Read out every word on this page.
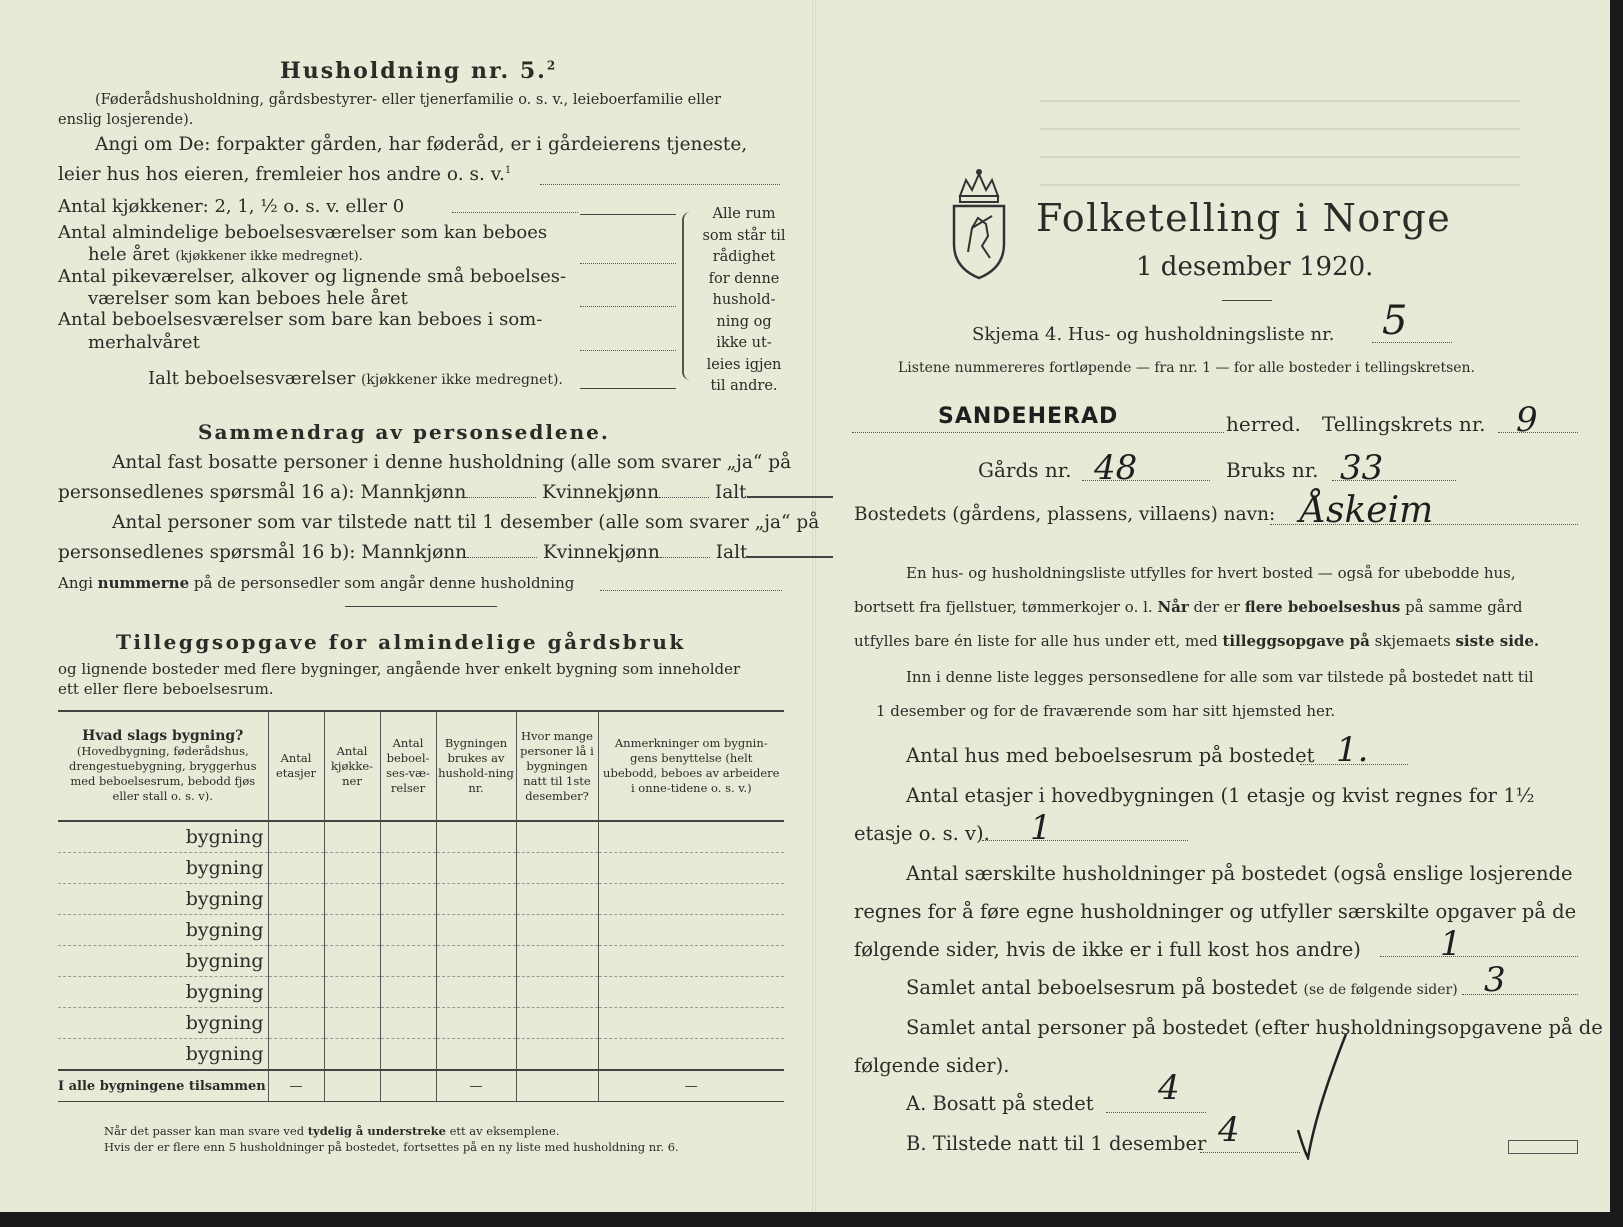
Husholdning nr. 5.$^2$
(Føderådshusholdning, gårdsbestyrer- eller tjenerfamilie o. s. v., leieboerfamilie eller
enslig losjerende).
Angi om De: forpakter gården, har føderåd, er i gårdeierens tjeneste,
leier hus hos eieren, fremleier hos andre o. s. v.$^1$
Antal kjøkkener: 2, 1, ½ o. s. v. eller 0
Antal almindelige beboelsesværelser som kan beboes
hele året (kjøkkener ikke medregnet).
Antal pikeværelser, alkover og lignende små beboelses-
værelser som kan beboes hele året
Antal beboelsesværelser som bare kan beboes i som-
merhalvåret
Ialt beboelsesværelser (kjøkkener ikke medregnet).
Alle rum
som står til
rådighet
for denne
hushold-
ning og
ikke ut-
leies igjen
til andre.
Sammendrag av personsedlene.
Antal fast bosatte personer i denne husholdning (alle som svarer „ja“ på
personsedlenes spørsmål 16 a): Mannkjønn	Kvinnekjønn	Ialt
Antal personer som var tilstede natt til 1 desember (alle som svarer „ja“ på
personsedlenes spørsmål 16 b): Mannkjønn	Kvinnekjønn	Ialt
Angi nummerne på de personsedler som angår denne husholdning
Tilleggsopgave for almindelige gårdsbruk
og lignende bosteder med flere bygninger, angående hver enkelt bygning som inneholder
ett eller flere beboelsesrum.
Hvad slags bygning?
(Hovedbygning, føderådshus, drengestuebygning, bryggerhus med beboelsesrum, bebodd fjøs eller stall o. s. v).	Antal etasjer	Antal kjøkke-ner	Antal beboel-ses-væ-relser	Bygningen brukes av hushold-ning nr.	Hvor mange personer lå i bygningen natt til 1ste desember?	Anmerkninger om bygnin-gens benyttelse (helt ubebodd, beboes av arbeidere i onne-tidene o. s. v.)
bygning						
bygning						
bygning						
bygning						
bygning						
bygning						
bygning						
bygning						
I alle bygningene tilsammen	—			—		—
Når det passer kan man svare ved tydelig å understreke ett av eksemplene.
Hvis der er flere enn 5 husholdninger på bostedet, fortsettes på en ny liste med husholdning nr. 6.
Folketelling i Norge
1 desember 1920.
Skjema 4. Hus- og husholdningsliste nr. 5
Listene nummereres fortløpende — fra nr. 1 — for alle bosteder i tellingskretsen.
SANDEHERAD	herred. Tellingskrets nr. 9
Gårds nr. 48	Bruks nr. 33
Bostedets (gårdens, plassens, villaens) navn: Åskeim
En hus- og husholdningsliste utfylles for hvert bosted — også for ubebodde hus,
bortsett fra fjellstuer, tømmerkojer o. l. Når der er flere beboelseshus på samme gård
utfylles bare én liste for alle hus under ett, med tilleggsopgave på skjemaets siste side.
Inn i denne liste legges personsedlene for alle som var tilstede på bostedet natt til
1 desember og for de fraværende som har sitt hjemsted her.
Antal hus med beboelsesrum på bostedet 1.
Antal etasjer i hovedbygningen (1 etasje og kvist regnes for 1½
etasje o. s. v). 1
Antal særskilte husholdninger på bostedet (også enslige losjerende
regnes for å føre egne husholdninger og utfyller særskilte opgaver på de
følgende sider, hvis de ikke er i full kost hos andre) 1
Samlet antal beboelsesrum på bostedet (se de følgende sider) 3
Samlet antal personer på bostedet (efter husholdningsopgavene på de
følgende sider).
A. Bosatt på stedet 4
B. Tilstede natt til 1 desember 4
